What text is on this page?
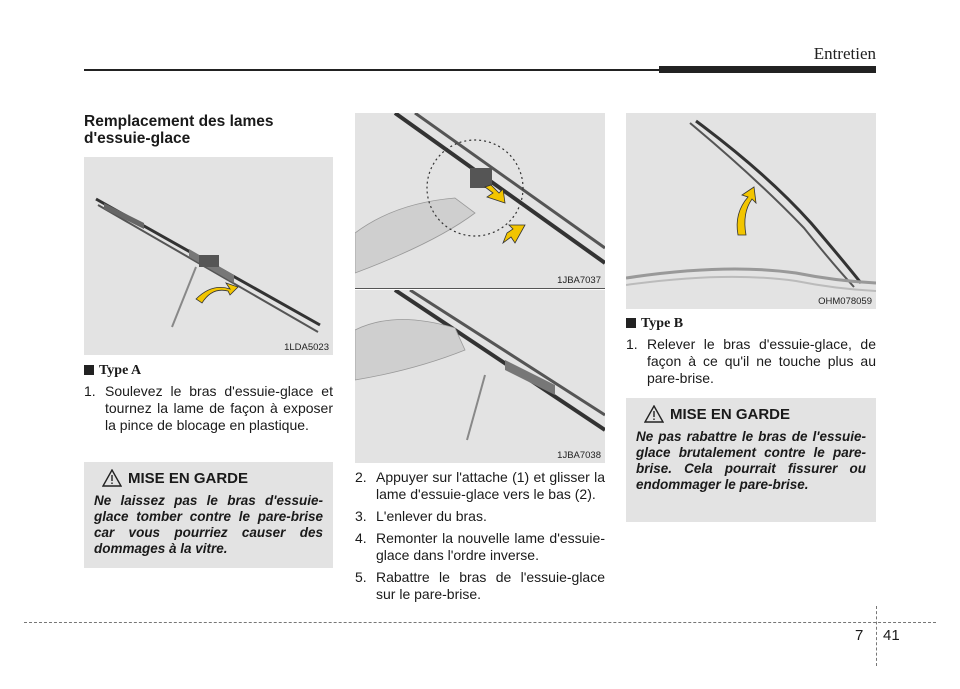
Entretien
Remplacement des lames
d'essuie-glace
1LDA5023
Type A
1. Soulevez le bras d'essuie-glace et tournez la lame de façon à exposer la pince de blocage en plastique.
MISE EN GARDE
Ne laissez pas le bras d'essuie-glace tomber contre le pare-brise car vous pourriez causer des dommages à la vitre.
1JBA7037
1JBA7038
2. Appuyer sur l'attache (1) et glisser la lame d'essuie-glace vers le bas (2).
3. L'enlever du bras.
4. Remonter la nouvelle lame d'essuie-glace dans l'ordre inverse.
5. Rabattre le bras de l'essuie-glace sur le pare-brise.
OHM078059
Type B
1. Relever le bras d'essuie-glace, de façon à ce qu'il ne touche plus au pare-brise.
MISE EN GARDE
Ne pas rabattre le bras de l'essuie-glace brutalement contre le pare-brise. Cela pourrait fissurer ou endommager le pare-brise.
7 41
